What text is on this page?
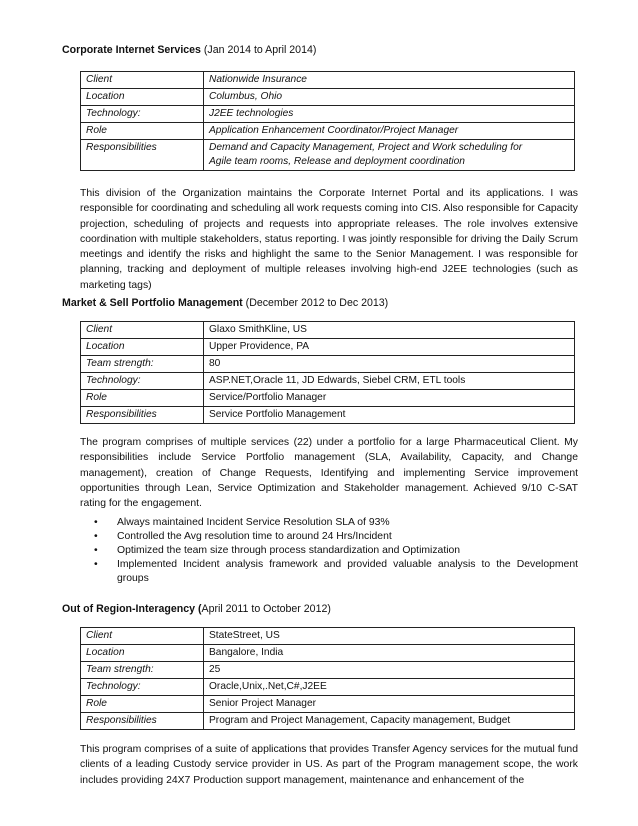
Corporate Internet Services (Jan 2014 to April 2014)
Client	Nationwide Insurance
Location	Columbus, Ohio
Technology:	J2EE technologies
Role	Application Enhancement Coordinator/Project Manager
Responsibilities	Demand and Capacity Management, Project and Work scheduling for
Agile team rooms, Release and deployment coordination
This division of the Organization maintains the Corporate Internet Portal and its applications. I was responsible for coordinating and scheduling all work requests coming into CIS. Also responsible for Capacity projection, scheduling of projects and requests into appropriate releases. The role involves extensive coordination with multiple stakeholders, status reporting. I was jointly responsible for driving the Daily Scrum meetings and identify the risks and highlight the same to the Senior Management. I was responsible for planning, tracking and deployment of multiple releases involving high-end J2EE technologies (such as marketing tags)
Market & Sell Portfolio Management (December 2012 to Dec 2013)
Client	Glaxo SmithKline, US
Location	Upper Providence, PA
Team strength:	80
Technology:	ASP.NET,Oracle 11, JD Edwards, Siebel CRM, ETL tools
Role	Service/Portfolio Manager
Responsibilities	Service Portfolio Management
The program comprises of multiple services (22) under a portfolio for a large Pharmaceutical Client. My responsibilities include Service Portfolio management (SLA, Availability, Capacity, and Change management), creation of Change Requests, Identifying and implementing Service improvement opportunities through Lean, Service Optimization and Stakeholder management. Achieved 9/10 C-SAT rating for the engagement.
• Always maintained Incident Service Resolution SLA of 93%
• Controlled the Avg resolution time to around 24 Hrs/Incident
• Optimized the team size through process standardization and Optimization
• Implemented Incident analysis framework and provided valuable analysis to the Development groups
Out of Region-Interagency (April 2011 to October 2012)
Client	StateStreet, US
Location	Bangalore, India
Team strength:	25
Technology:	Oracle,Unix,.Net,C#,J2EE
Role	Senior Project Manager
Responsibilities	Program and Project Management, Capacity management, Budget
This program comprises of a suite of applications that provides Transfer Agency services for the mutual fund clients of a leading Custody service provider in US. As part of the Program management scope, the work includes providing 24X7 Production support management, maintenance and enhancement of the
